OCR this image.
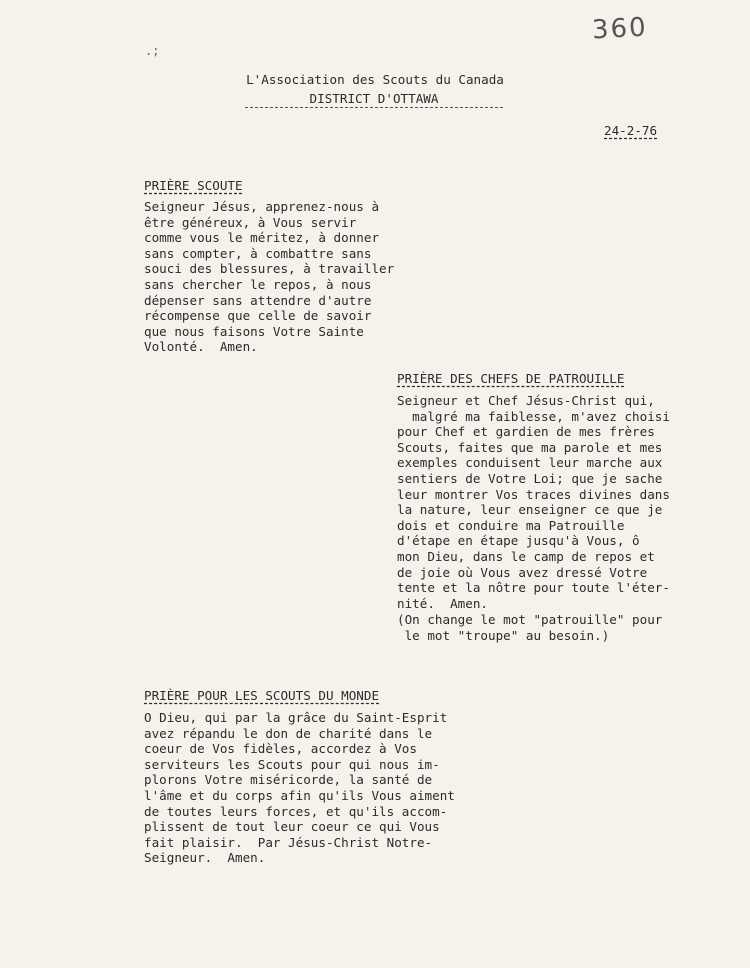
360
.;
L'Association des Scouts du Canada
DISTRICT D'OTTAWA
24-2-76
PRIÈRE SCOUTE
Seigneur Jésus, apprenez-nous à
être généreux, à Vous servir
comme vous le méritez, à donner
sans compter, à combattre sans
souci des blessures, à travailler
sans chercher le repos, à nous
dépenser sans attendre d'autre
récompense que celle de savoir
que nous faisons Votre Sainte
Volonté.  Amen.
PRIÈRE DES CHEFS DE PATROUILLE
Seigneur et Chef Jésus-Christ qui,
malgré ma faiblesse, m'avez choisi
pour Chef et gardien de mes frères
Scouts, faites que ma parole et mes
exemples conduisent leur marche aux
sentiers de Votre Loi; que je sache
leur montrer Vos traces divines dans
la nature, leur enseigner ce que je
dois et conduire ma Patrouille
d'étape en étape jusqu'à Vous, ô
mon Dieu, dans le camp de repos et
de joie où Vous avez dressé Votre
tente et la nôtre pour toute l'éter-
nité.  Amen.
(On change le mot "patrouille" pour
le mot "troupe" au besoin.)
PRIÈRE POUR LES SCOUTS DU MONDE
O Dieu, qui par la grâce du Saint-Esprit
avez répandu le don de charité dans le
coeur de Vos fidèles, accordez à Vos
serviteurs les Scouts pour qui nous im-
plorons Votre miséricorde, la santé de
l'âme et du corps afin qu'ils Vous aiment
de toutes leurs forces, et qu'ils accom-
plissent de tout leur coeur ce qui Vous
fait plaisir.  Par Jésus-Christ Notre-
Seigneur.  Amen.
